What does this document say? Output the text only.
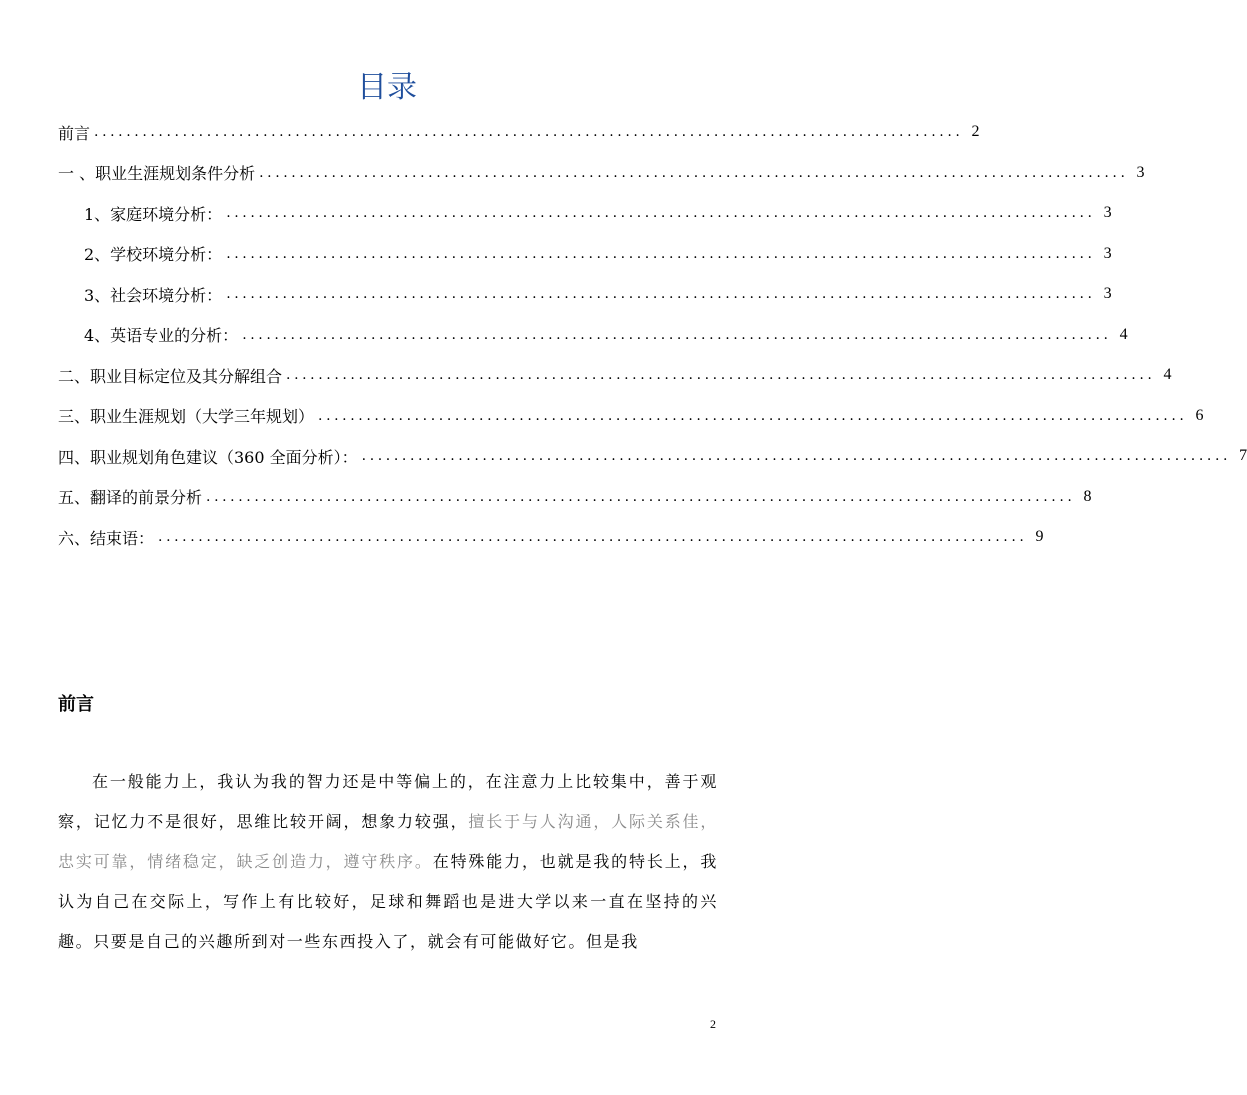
目录
前言 ............................................................................................................ 2
一 、职业生涯规划条件分析 ............................................................................................................ 3
1、家庭环境分析： ............................................................................................................ 3
2、学校环境分析： ............................................................................................................ 3
3、社会环境分析： ............................................................................................................ 3
4、英语专业的分析： ............................................................................................................ 4
二、职业目标定位及其分解组合 ............................................................................................................ 4
三、职业生涯规划（大学三年规划） ............................................................................................................ 6
四、职业规划角色建议（360 全面分析）： ............................................................................................................ 7
五、翻译的前景分析 ............................................................................................................ 8
六、结束语： ............................................................................................................ 9
前言

在一般能力上，我认为我的智力还是中等偏上的，在注意力上比较集中，善于观察，记忆力不是很好，思维比较开阔，想象力较强，擅长于与人沟通，人际关系佳，忠实可靠，情绪稳定，缺乏创造力，遵守秩序。在特殊能力，也就是我的特长上，我认为自己在交际上，写作上有比较好，足球和舞蹈也是进大学以来一直在坚持的兴趣。只要是自己的兴趣所到对一些东西投入了，就会有可能做好它。但是我

2
